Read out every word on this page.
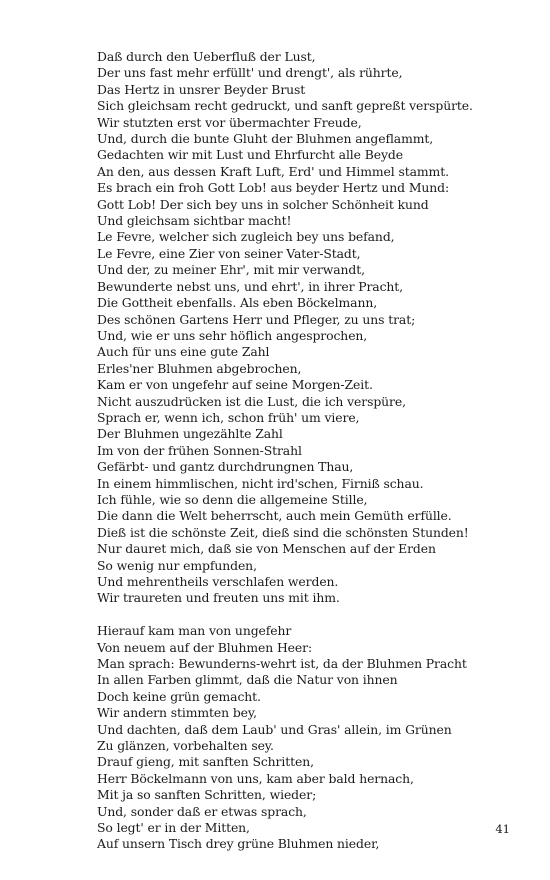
Daß durch den Ueberfluß der Lust,
Der uns fast mehr erfüllt' und drengt', als rührte,
Das Hertz in unsrer Beyder Brust
Sich gleichsam recht gedruckt, und sanft gepreßt verspürte.
Wir stutzten erst vor übermachter Freude,
Und, durch die bunte Gluht der Bluhmen angeflammt,
Gedachten wir mit Lust und Ehrfurcht alle Beyde
An den, aus dessen Kraft Luft, Erd' und Himmel stammt.
Es brach ein froh Gott Lob! aus beyder Hertz und Mund:
Gott Lob! Der sich bey uns in solcher Schönheit kund
Und gleichsam sichtbar macht!
Le Fevre, welcher sich zugleich bey uns befand,
Le Fevre, eine Zier von seiner Vater-Stadt,
Und der, zu meiner Ehr', mit mir verwandt,
Bewunderte nebst uns, und ehrt', in ihrer Pracht,
Die Gottheit ebenfalls. Als eben Böckelmann,
Des schönen Gartens Herr und Pfleger, zu uns trat;
Und, wie er uns sehr höflich angesprochen,
Auch für uns eine gute Zahl
Erles'ner Bluhmen abgebrochen,
Kam er von ungefehr auf seine Morgen-Zeit.
Nicht auszudrücken ist die Lust, die ich verspüre,
Sprach er, wenn ich, schon früh' um viere,
Der Bluhmen ungezählte Zahl
Im von der frühen Sonnen-Strahl
Gefärbt- und gantz durchdrungnen Thau,
In einem himmlischen, nicht ird'schen, Firniß schau.
Ich fühle, wie so denn die allgemeine Stille,
Die dann die Welt beherrscht, auch mein Gemüth erfülle.
Dieß ist die schönste Zeit, dieß sind die schönsten Stunden!
Nur dauret mich, daß sie von Menschen auf der Erden
So wenig nur empfunden,
Und mehrentheils verschlafen werden.
Wir traureten und freuten uns mit ihm.
Hierauf kam man von ungefehr
Von neuem auf der Bluhmen Heer:
Man sprach: Bewunderns-wehrt ist, da der Bluhmen Pracht
In allen Farben glimmt, daß die Natur von ihnen
Doch keine grün gemacht.
Wir andern stimmten bey,
Und dachten, daß dem Laub' und Gras' allein, im Grünen
Zu glänzen, vorbehalten sey.
Drauf gieng, mit sanften Schritten,
Herr Böckelmann von uns, kam aber bald hernach,
Mit ja so sanften Schritten, wieder;
Und, sonder daß er etwas sprach,
So legt' er in der Mitten,
Auf unsern Tisch drey grüne Bluhmen nieder,
41
